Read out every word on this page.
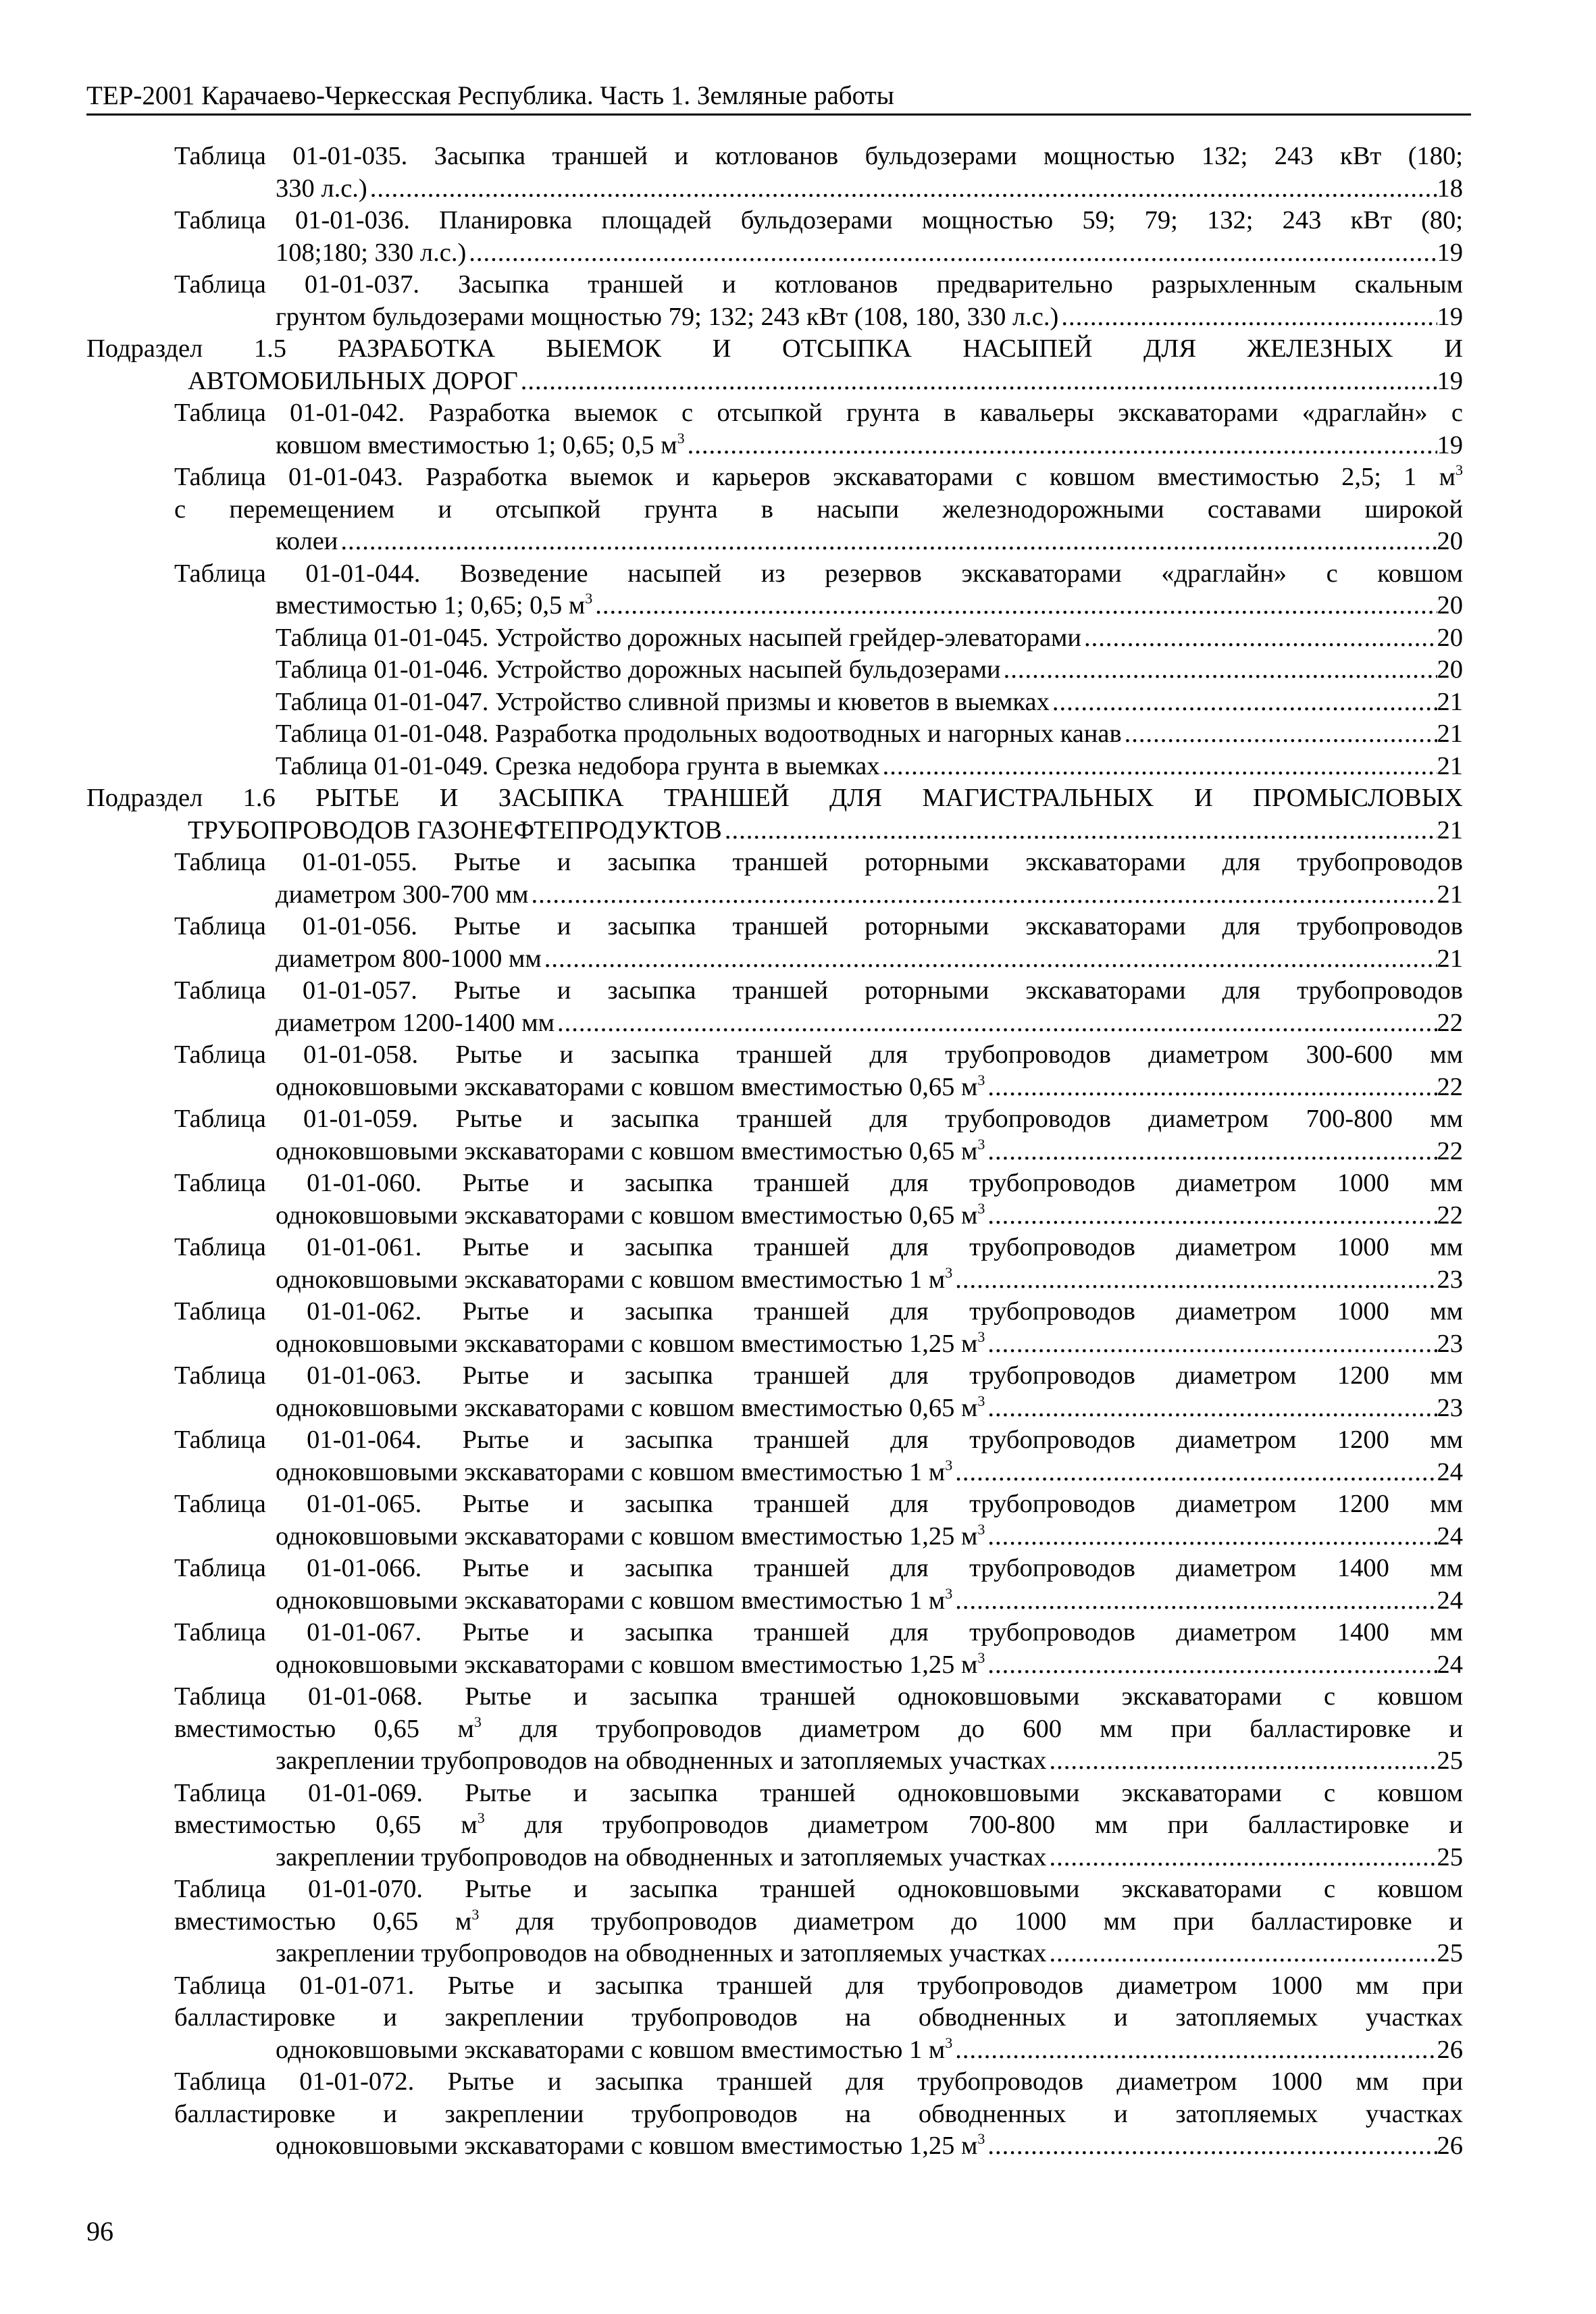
ТЕР-2001 Карачаево-Черкесская Республика. Часть 1. Земляные работы
Таблица 01-01-035. Засыпка траншей и котлованов бульдозерами мощностью 132; 243 кВт (180;
330 л.с.) .....	18
Таблица 01-01-036. Планировка площадей бульдозерами мощностью 59; 79; 132; 243 кВт (80;
108;180; 330 л.с.) .....	19
Таблица 01-01-037. Засыпка траншей и котлованов предварительно разрыхленным скальным
грунтом бульдозерами мощностью 79; 132; 243 кВт (108, 180, 330 л.с.) .....	19
Подраздел 1.5 РАЗРАБОТКА ВЫЕМОК И ОТСЫПКА НАСЫПЕЙ ДЛЯ ЖЕЛЕЗНЫХ И
АВТОМОБИЛЬНЫХ ДОРОГ .....	19
Таблица 01-01-042. Разработка выемок с отсыпкой грунта в кавальеры экскаваторами «драглайн» с
ковшом вместимостью 1; 0,65; 0,5 $м^3$ .....	19
Таблица 01-01-043. Разработка выемок и карьеров экскаваторами с ковшом вместимостью 2,5; 1 $м^3$
с перемещением и отсыпкой грунта в насыпи железнодорожными составами широкой
колеи .....	20
Таблица 01-01-044. Возведение насыпей из резервов экскаваторами «драглайн» с ковшом
вместимостью 1; 0,65; 0,5 $м^3$ .....	20
Таблица 01-01-045. Устройство дорожных насыпей грейдер-элеваторами .....	20
Таблица 01-01-046. Устройство дорожных насыпей бульдозерами .....	20
Таблица 01-01-047. Устройство сливной призмы и кюветов в выемках .....	21
Таблица 01-01-048. Разработка продольных водоотводных и нагорных канав .....	21
Таблица 01-01-049. Срезка недобора грунта в выемках .....	21
Подраздел 1.6 РЫТЬЕ И ЗАСЫПКА ТРАНШЕЙ ДЛЯ МАГИСТРАЛЬНЫХ И ПРОМЫСЛОВЫХ
ТРУБОПРОВОДОВ ГАЗОНЕФТЕПРОДУКТОВ .....	21
Таблица 01-01-055. Рытье и засыпка траншей роторными экскаваторами для трубопроводов
диаметром 300-700 мм .....	21
Таблица 01-01-056. Рытье и засыпка траншей роторными экскаваторами для трубопроводов
диаметром 800-1000 мм .....	21
Таблица 01-01-057. Рытье и засыпка траншей роторными экскаваторами для трубопроводов
диаметром 1200-1400 мм .....	22
Таблица 01-01-058. Рытье и засыпка траншей для трубопроводов диаметром 300-600 мм
одноковшовыми экскаваторами с ковшом вместимостью 0,65 $м^3$ .....	22
Таблица 01-01-059. Рытье и засыпка траншей для трубопроводов диаметром 700-800 мм
одноковшовыми экскаваторами с ковшом вместимостью 0,65 $м^3$ .....	22
Таблица 01-01-060. Рытье и засыпка траншей для трубопроводов диаметром 1000 мм
одноковшовыми экскаваторами с ковшом вместимостью 0,65 $м^3$ .....	22
Таблица 01-01-061. Рытье и засыпка траншей для трубопроводов диаметром 1000 мм
одноковшовыми экскаваторами с ковшом вместимостью 1 $м^3$ .....	23
Таблица 01-01-062. Рытье и засыпка траншей для трубопроводов диаметром 1000 мм
одноковшовыми экскаваторами с ковшом вместимостью 1,25 $м^3$ .....	23
Таблица 01-01-063. Рытье и засыпка траншей для трубопроводов диаметром 1200 мм
одноковшовыми экскаваторами с ковшом вместимостью 0,65 $м^3$ .....	23
Таблица 01-01-064. Рытье и засыпка траншей для трубопроводов диаметром 1200 мм
одноковшовыми экскаваторами с ковшом вместимостью 1 $м^3$ .....	24
Таблица 01-01-065. Рытье и засыпка траншей для трубопроводов диаметром 1200 мм
одноковшовыми экскаваторами с ковшом вместимостью 1,25 $м^3$ .....	24
Таблица 01-01-066. Рытье и засыпка траншей для трубопроводов диаметром 1400 мм
одноковшовыми экскаваторами с ковшом вместимостью 1 $м^3$ .....	24
Таблица 01-01-067. Рытье и засыпка траншей для трубопроводов диаметром 1400 мм
одноковшовыми экскаваторами с ковшом вместимостью 1,25 $м^3$ .....	24
Таблица 01-01-068. Рытье и засыпка траншей одноковшовыми экскаваторами с ковшом
вместимостью 0,65 $м^3$ для трубопроводов диаметром до 600 мм при балластировке и
закреплении трубопроводов на обводненных и затопляемых участках .....	25
Таблица 01-01-069. Рытье и засыпка траншей одноковшовыми экскаваторами с ковшом
вместимостью 0,65 $м^3$ для трубопроводов диаметром 700-800 мм при балластировке и
закреплении трубопроводов на обводненных и затопляемых участках .....	25
Таблица 01-01-070. Рытье и засыпка траншей одноковшовыми экскаваторами с ковшом
вместимостью 0,65 $м^3$ для трубопроводов диаметром до 1000 мм при балластировке и
закреплении трубопроводов на обводненных и затопляемых участках .....	25
Таблица 01-01-071. Рытье и засыпка траншей для трубопроводов диаметром 1000 мм при
балластировке и закреплении трубопроводов на обводненных и затопляемых участках
одноковшовыми экскаваторами с ковшом вместимостью 1 $м^3$ .....	26
Таблица 01-01-072. Рытье и засыпка траншей для трубопроводов диаметром 1000 мм при
балластировке и закреплении трубопроводов на обводненных и затопляемых участках
одноковшовыми экскаваторами с ковшом вместимостью 1,25 $м^3$ .....	26
96
